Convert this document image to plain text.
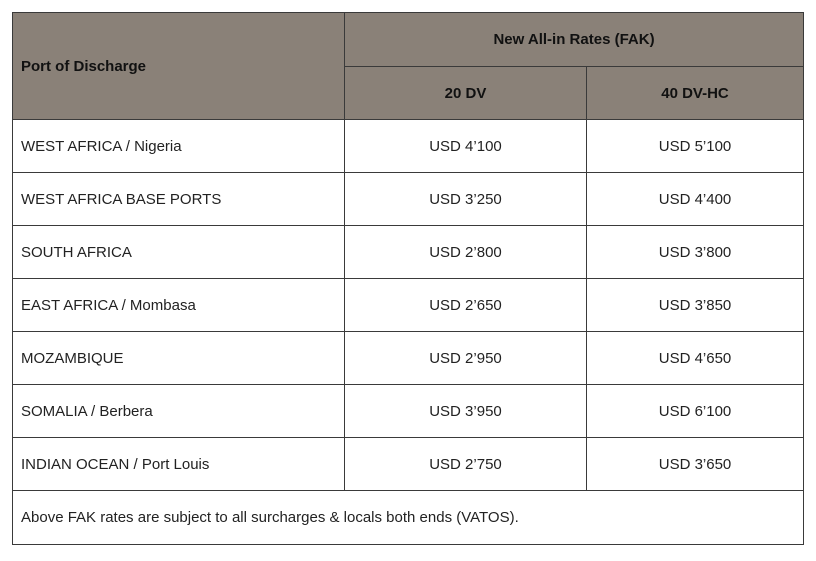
Port of Discharge	New All-in Rates (FAK)	
	20 DV	40 DV-HC
WEST AFRICA / Nigeria	USD 4’100	USD 5’100
WEST AFRICA BASE PORTS	USD 3’250	USD 4’400
SOUTH AFRICA	USD 2’800	USD 3’800
EAST AFRICA / Mombasa	USD 2’650	USD 3’850
MOZAMBIQUE	USD 2’950	USD 4’650
SOMALIA / Berbera	USD 3’950	USD 6’100
INDIAN OCEAN / Port Louis	USD 2’750	USD 3’650
Above FAK rates are subject to all surcharges & locals both ends (VATOS).		
